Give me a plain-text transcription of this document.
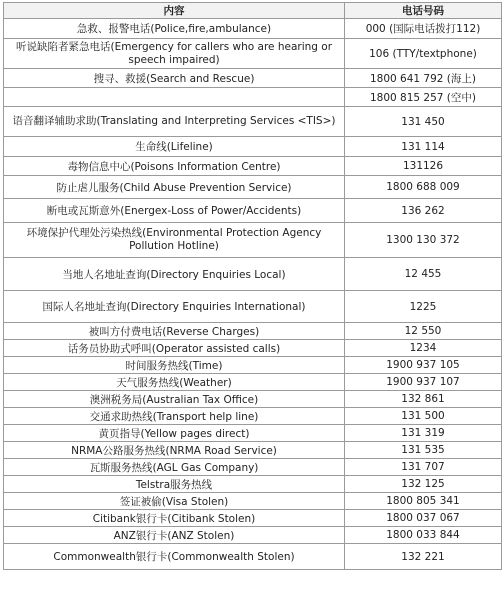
内容	电话号码
急救、报警电话(Police,fire,ambulance)	000 (国际电话拨打112)
听说缺陷者紧急电话(Emergency for callers who are hearing or speech impaired)	106 (TTY/textphone)
搜寻、救援(Search and Rescue)	1800 641 792 (海上)
	1800 815 257 (空中)
语音翻译辅助求助(Translating and Interpreting Services <TIS>)	131 450
生命线(Lifeline)	131 114
毒物信息中心(Poisons Information Centre)	131126
防止虐儿服务(Child Abuse Prevention Service)	1800 688 009
断电或瓦斯意外(Energex-Loss of Power/Accidents)	136 262
环境保护代理处污染热线(Environmental Protection Agency Pollution Hotline)	1300 130 372
当地人名地址查询(Directory Enquiries Local)	12 455
国际人名地址查询(Directory Enquiries International)	1225
被叫方付费电话(Reverse Charges)	12 550
话务员协助式呼叫(Operator assisted calls)	1234
时间服务热线(Time)	1900 937 105
天气服务热线(Weather)	1900 937 107
澳洲税务局(Australian Tax Office)	132 861
交通求助热线(Transport help line)	131 500
黄页指导(Yellow pages direct)	131 319
NRMA公路服务热线(NRMA Road Service)	131 535
瓦斯服务热线(AGL Gas Company)	131 707
Telstra服务热线	132 125
签证被偷(Visa Stolen)	1800 805 341
Citibank银行卡(Citibank Stolen)	1800 037 067
ANZ银行卡(ANZ Stolen)	1800 033 844
Commonwealth银行卡(Commonwealth Stolen)	132 221
